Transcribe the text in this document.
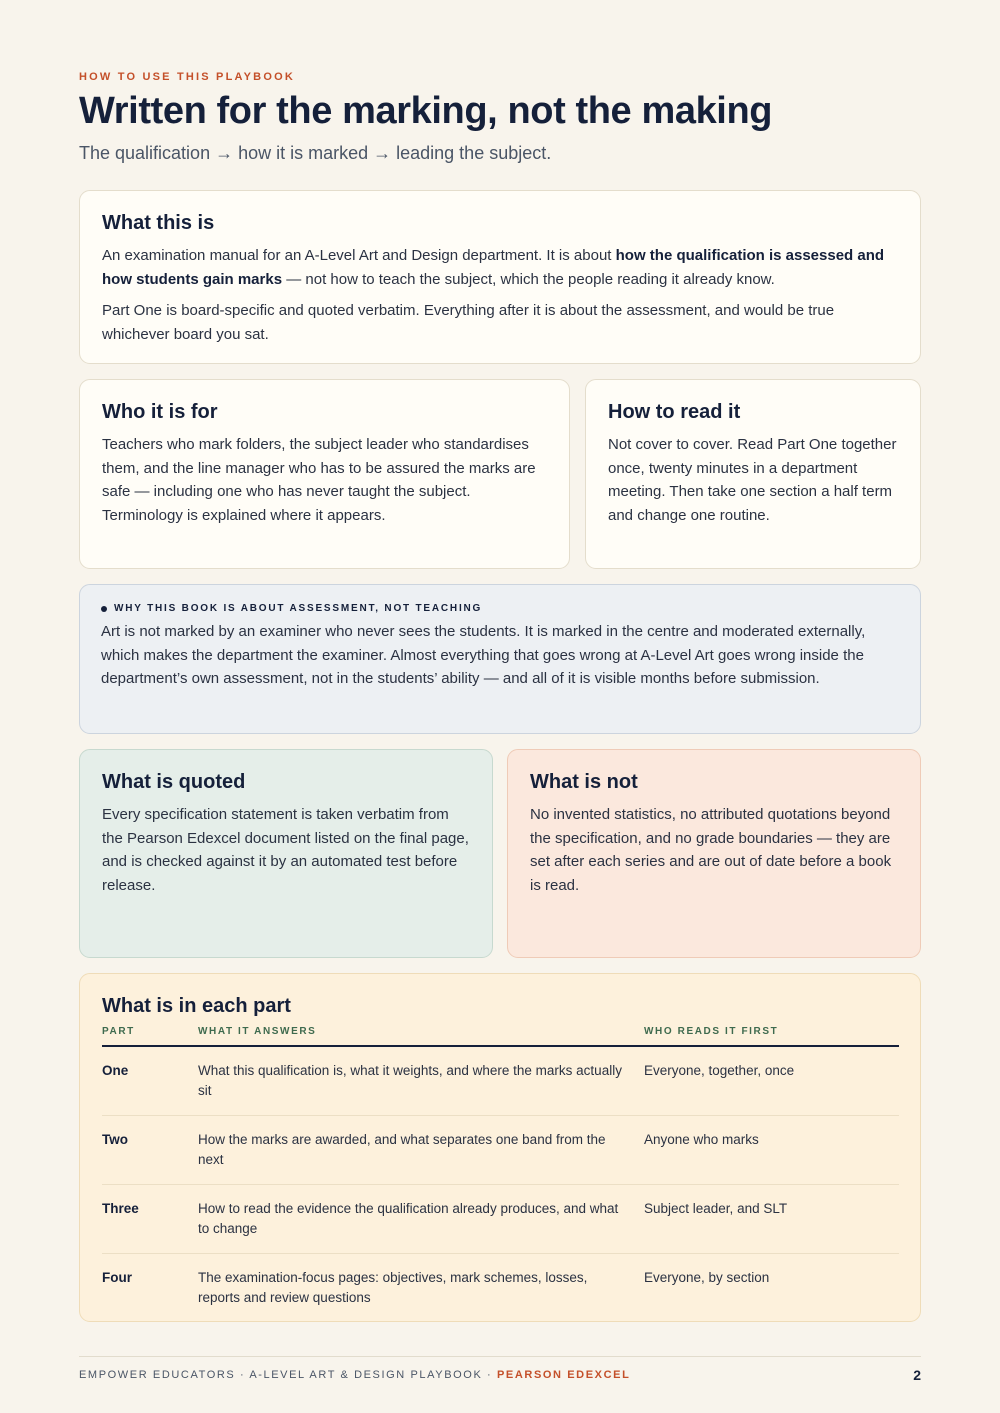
HOW TO USE THIS PLAYBOOK
Written for the marking, not the making
The qualification → how it is marked → leading the subject.
What this is

An examination manual for an A-Level Art and Design department. It is about how the qualification is assessed and how students gain marks — not how to teach the subject, which the people reading it already know.

Part One is board-specific and quoted verbatim. Everything after it is about the assessment, and would be true whichever board you sat.

Who it is for

Teachers who mark folders, the subject leader who standardises them, and the line manager who has to be assured the marks are safe — including one who has never taught the subject. Terminology is explained where it appears.

How to read it

Not cover to cover. Read Part One together once, twenty minutes in a department meeting. Then take one section a half term and change one routine.

WHY THIS BOOK IS ABOUT ASSESSMENT, NOT TEACHING

Art is not marked by an examiner who never sees the students. It is marked in the centre and moderated externally, which makes the department the examiner. Almost everything that goes wrong at A-Level Art goes wrong inside the department’s own assessment, not in the students’ ability — and all of it is visible months before submission.

What is quoted

Every specification statement is taken verbatim from the Pearson Edexcel document listed on the final page, and is checked against it by an automated test before release.

What is not

No invented statistics, no attributed quotations beyond the specification, and no grade boundaries — they are set after each series and are out of date before a book is read.

What is in each part
PART	WHAT IT ANSWERS	WHO READS IT FIRST
One	What this qualification is, what it weights, and where the marks actually sit	Everyone, together, once
Two	How the marks are awarded, and what separates one band from the next	Anyone who marks
Three	How to read the evidence the qualification already produces, and what to change	Subject leader, and SLT
Four	The examination-focus pages: objectives, mark schemes, losses, reports and review questions	Everyone, by section
EMPOWER EDUCATORS · A-LEVEL ART & DESIGN PLAYBOOK · PEARSON EDEXCEL	2
